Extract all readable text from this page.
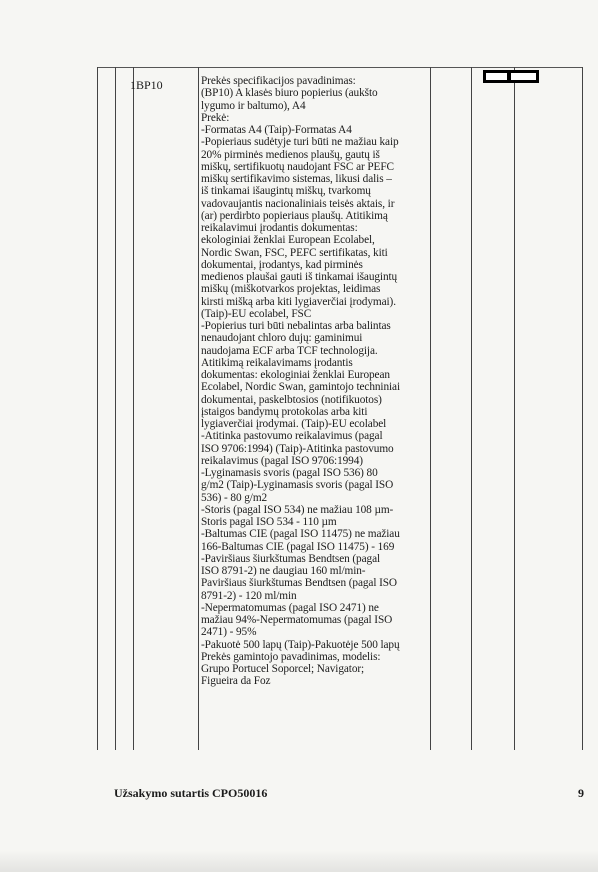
1 BP10	Prekės specifikacijos pavadinimas:
(BP10) A klasės biuro popierius (aukšto
lygumo ir baltumo), A4
Prekė:
-Formatas A4 (Taip)-Formatas A4
-Popieriaus sudėtyje turi būti ne mažiau kaip
20% pirminės medienos plaušų, gautų iš
miškų, sertifikuotų naudojant FSC ar PEFC
miškų sertifikavimo sistemas, likusi dalis –
iš tinkamai išaugintų miškų, tvarkomų
vadovaujantis nacionaliniais teisės aktais, ir
(ar) perdirbto popieriaus plaušų. Atitikimą
reikalavimui įrodantis dokumentas:
ekologiniai ženklai European Ecolabel,
Nordic Swan, FSC, PEFC sertifikatas, kiti
dokumentai, įrodantys, kad pirminės
medienos plaušai gauti iš tinkamai išaugintų
miškų (miškotvarkos projektas, leidimas
kirsti mišką arba kiti lygiaverčiai įrodymai).
(Taip)-EU ecolabel, FSC
-Popierius turi būti nebalintas arba balintas
nenaudojant chloro dujų: gaminimui
naudojama ECF arba TCF technologija.
Atitikimą reikalavimams įrodantis
dokumentas: ekologiniai ženklai European
Ecolabel, Nordic Swan, gamintojo techniniai
dokumentai, paskelbtosios (notifikuotos)
įstaigos bandymų protokolas arba kiti
lygiaverčiai įrodymai. (Taip)-EU ecolabel
-Atitinka pastovumo reikalavimus (pagal
ISO 9706:1994) (Taip)-Atitinka pastovumo
reikalavimus (pagal ISO 9706:1994)
-Lyginamasis svoris (pagal ISO 536) 80
g/m2 (Taip)-Lyginamasis svoris (pagal ISO
536) - 80 g/m2
-Storis (pagal ISO 534) ne mažiau 108 µm-
Storis pagal ISO 534 - 110 µm
-Baltumas CIE (pagal ISO 11475) ne mažiau
166-Baltumas CIE (pagal ISO 11475) - 169
-Paviršiaus šiurkštumas Bendtsen (pagal
ISO 8791-2) ne daugiau 160 ml/min-
Paviršiaus šiurkštumas Bendtsen (pagal ISO
8791-2) - 120 ml/min
-Nepermatomumas (pagal ISO 2471) ne
mažiau 94%-Nepermatomumas (pagal ISO
2471) - 95%
-Pakuotė 500 lapų (Taip)-Pakuotėje 500 lapų
Prekės gamintojo pavadinimas, modelis:
Grupo Portucel Soporcel; Navigator;
Figueira da Foz
Užsakymo sutartis CPO50016	9
